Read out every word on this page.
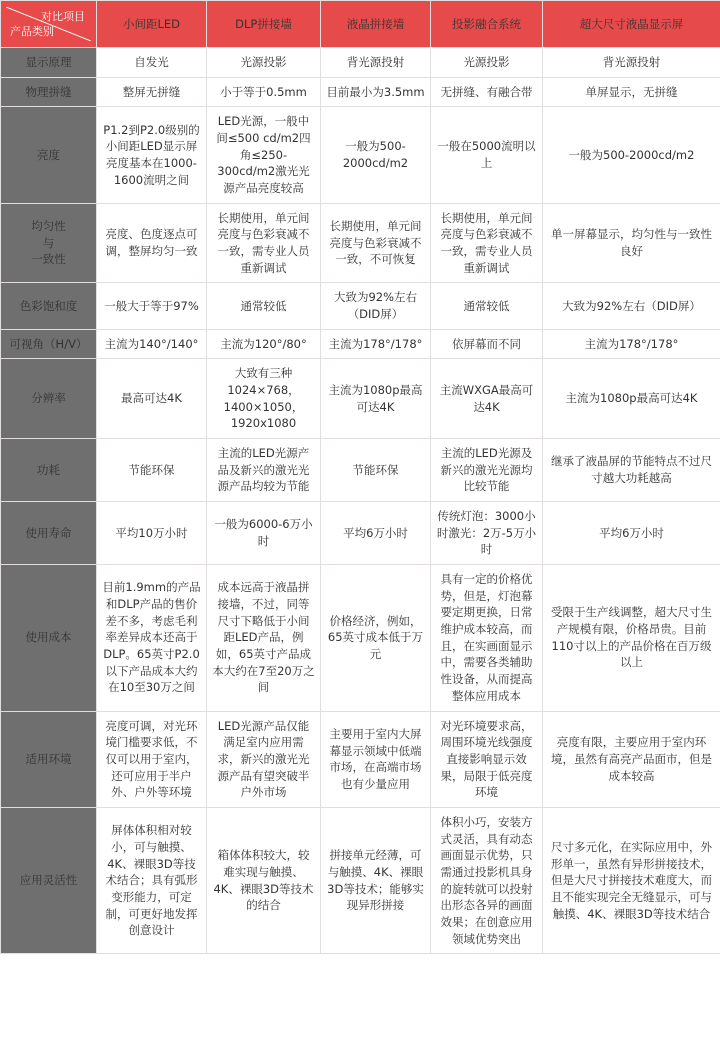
对比项目
产品类别	小间距LED	DLP拼接墙	液晶拼接墙	投影融合系统	超大尺寸液晶显示屏
显示原理	自发光	光源投影	背光源投射	光源投影	背光源投射

物理拼缝	整屏无拼缝	小于等于0.5mm	目前最小为3.5mm	无拼缝、有融合带	单屏显示，无拼缝

亮度	P1.2到P2.0级别的小间距LED显示屏亮度基本在1000-1600流明之间	LED光源，一般中间≤500 cd/m2四角≤250-300cd/m2激光光源产品亮度较高	一般为500-2000cd/m2	一般在5000流明以上	一般为500-2000cd/m2

均匀性
与
一致性	亮度、色度逐点可调，整屏均匀一致	长期使用，单元间亮度与色彩衰减不一致，需专业人员重新调试	长期使用，单元间亮度与色彩衰减不一致，不可恢复	长期使用，单元间亮度与色彩衰减不一致，需专业人员重新调试	单一屏幕显示，均匀性与一致性良好

色彩饱和度	一般大于等于97%	通常较低	大致为92%左右（DID屏）	通常较低	大致为92%左右（DID屏）

可视角（H/V）	主流为140°/140°	主流为120°/80°	主流为178°/178°	依屏幕而不同	主流为178°/178°

分辨率	最高可达4K	大致有三种1024×768，1400×1050，1920x1080	主流为1080p最高可达4K	主流WXGA最高可达4K	主流为1080p最高可达4K

功耗	节能环保	主流的LED光源产品及新兴的激光光源产品均较为节能	节能环保	主流的LED光源及新兴的激光光源均比较节能	继承了液晶屏的节能特点不过尺寸越大功耗越高

使用寿命	平均10万小时	一般为6000-6万小时	平均6万小时	传统灯泡：3000小时激光：2万-5万小时	平均6万小时

使用成本	目前1.9mm的产品和DLP产品的售价差不多，考虑毛利率差异成本还高于DLP。65英寸P2.0以下产品成本大约在10至30万之间	成本远高于液晶拼接墙，不过，同等尺寸下略低于小间距LED产品，例如，65英寸产品成本大约在7至20万之间	价格经济，例如，65英寸成本低于万元	具有一定的价格优势，但是，灯泡幕要定期更换，日常维护成本较高，而且，在实画面显示中，需要各类辅助性设备，从而提高整体应用成本	受限于生产线调整，超大尺寸生产规模有限，价格昂贵。目前110寸以上的产品价格在百万级以上

适用环境	亮度可调，对光环境门槛要求低，不仅可以用于室内，还可应用于半户外、户外等环境	LED光源产品仅能满足室内应用需求，新兴的激光光源产品有望突破半户外市场	主要用于室内大屏幕显示领域中低端市场，在高端市场也有少量应用	对光环境要求高，周围环境光线强度直接影响显示效果，局限于低亮度环境	亮度有限，主要应用于室内环境，虽然有高亮产品面市，但是成本较高

应用灵活性	屏体体积相对较小，可与触摸、4K、裸眼3D等技术结合；具有弧形变形能力，可定制，可更好地发挥创意设计	箱体体积较大，较难实现与触摸、4K、裸眼3D等技术的结合	拼接单元经薄，可与触摸、4K、裸眼3D等技术；能够实现异形拼接	体积小巧，安装方式灵活，具有动态画面显示优势，只需通过投影机具身的旋转就可以投射出形态各异的画面效果；在创意应用领域优势突出	尺寸多元化，在实际应用中，外形单一，虽然有异形拼接技术，但是大尺寸拼接技术难度大，而且不能实现完全无缝显示，可与触摸、4K、裸眼3D等技术结合
